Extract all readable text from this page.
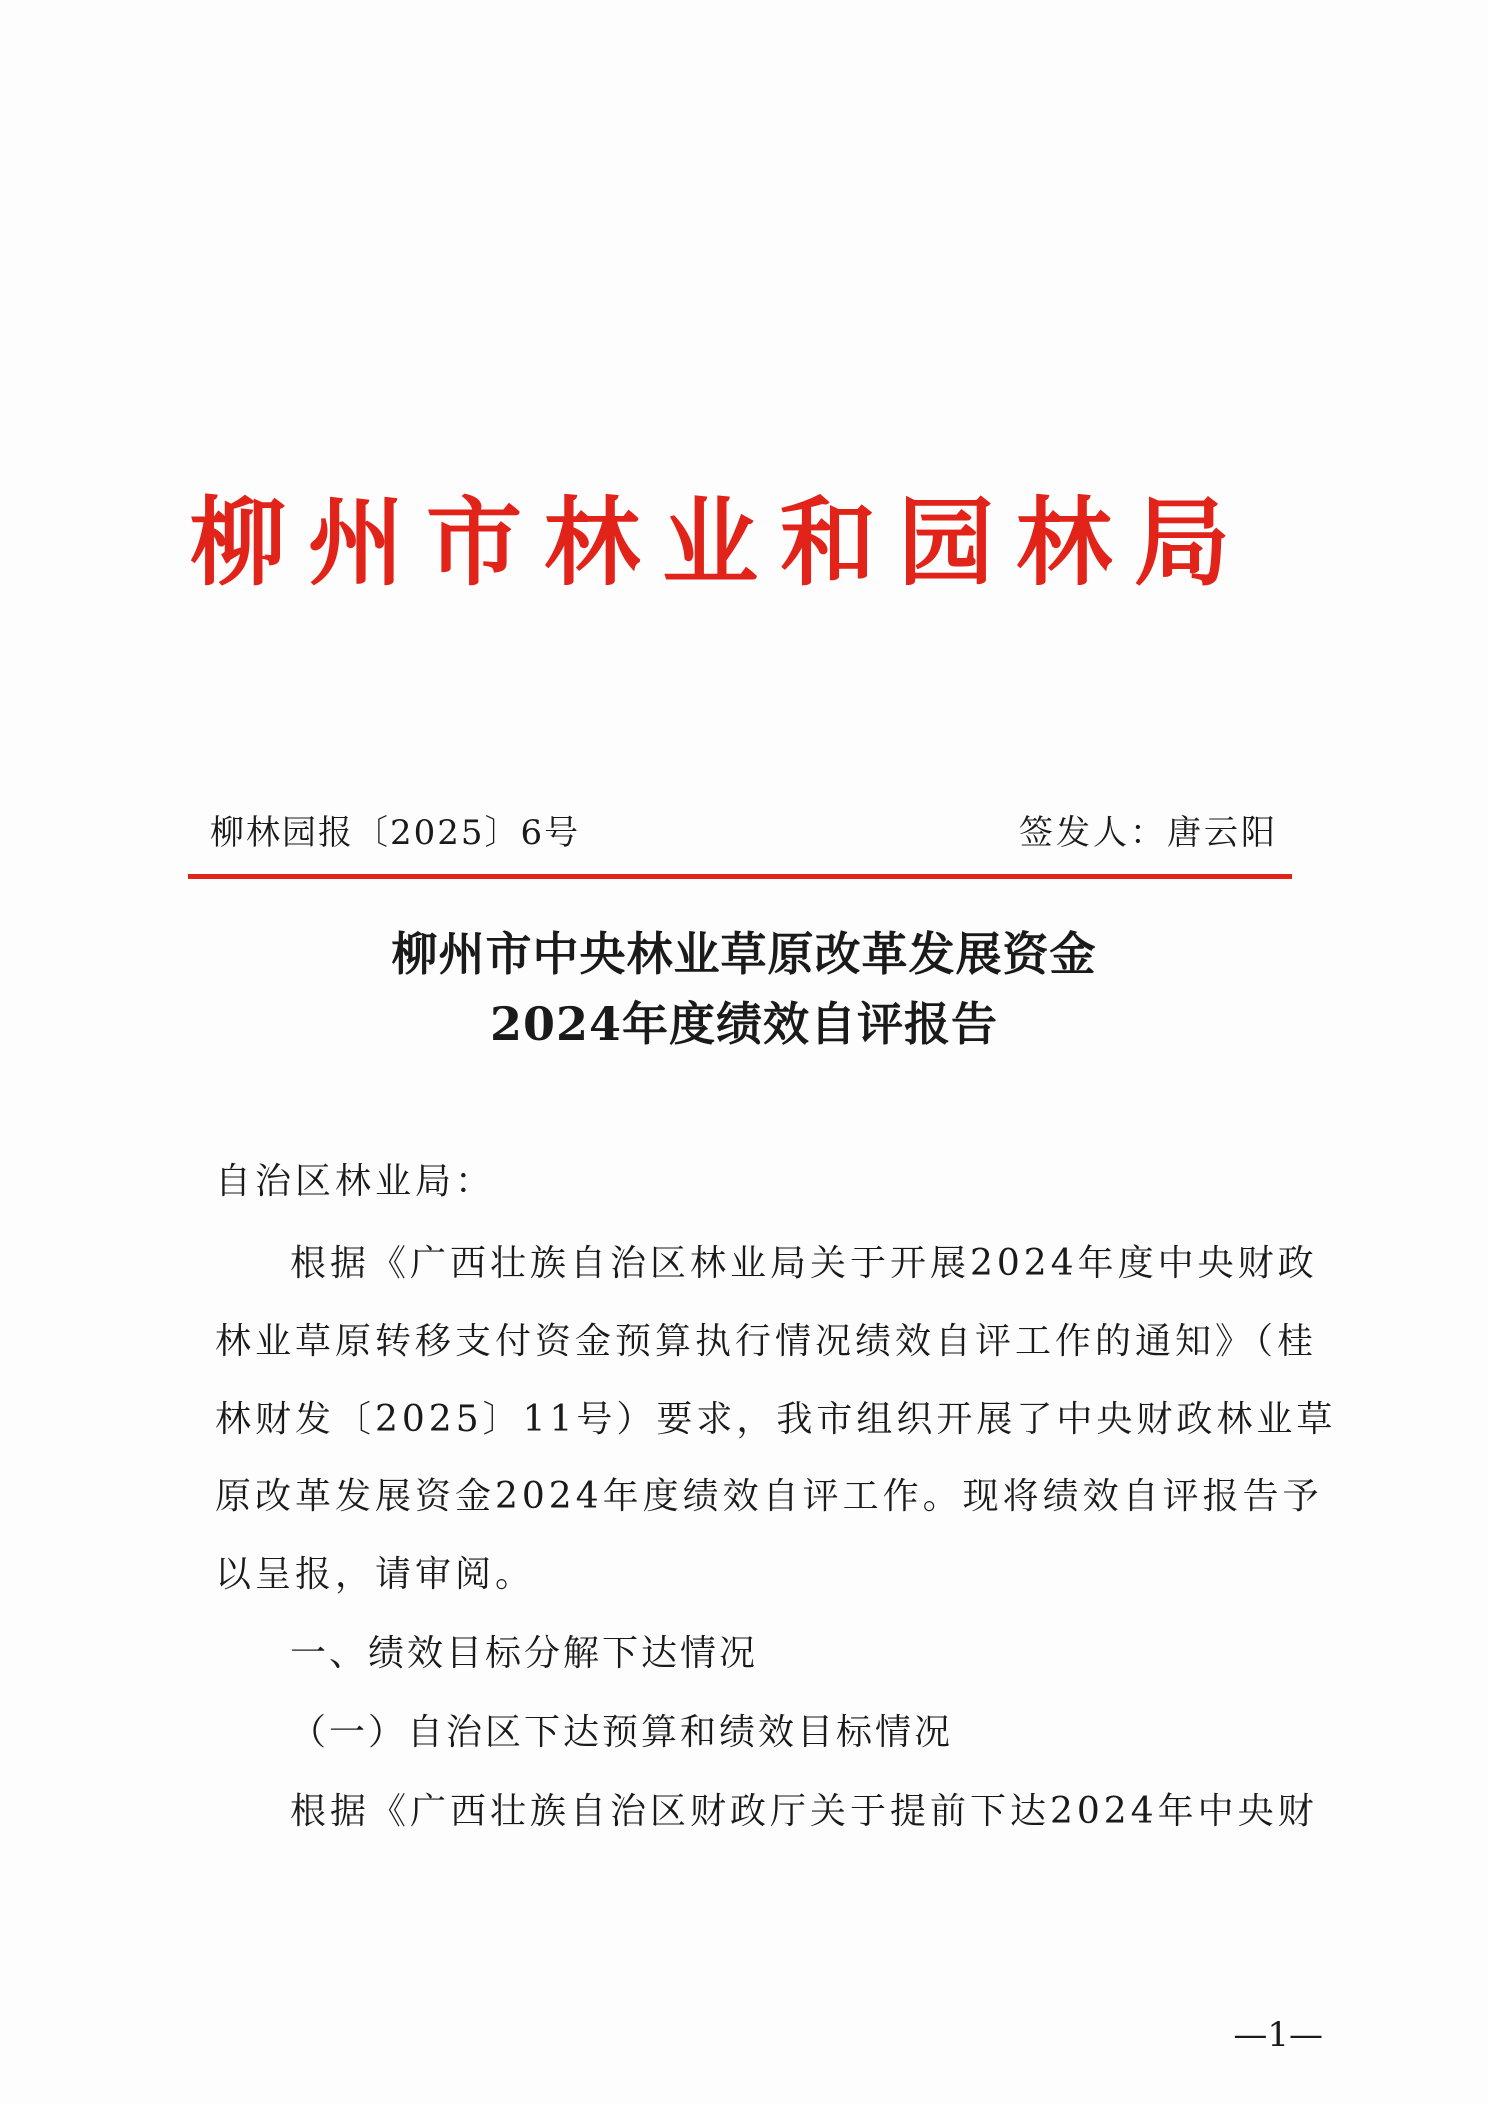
柳州市林业和园林局
柳林园报〔2025〕6号	签发人：唐云阳
柳州市中央林业草原改革发展资金
2024年度绩效自评报告
自治区林业局：
根据《广西壮族自治区林业局关于开展2024年度中央财政
林业草原转移支付资金预算执行情况绩效自评工作的通知》（桂
林财发〔2025〕11号）要求，我市组织开展了中央财政林业草
原改革发展资金2024年度绩效自评工作。现将绩效自评报告予
以呈报，请审阅。
一、绩效目标分解下达情况
（一）自治区下达预算和绩效目标情况
根据《广西壮族自治区财政厅关于提前下达2024年中央财
—1—
